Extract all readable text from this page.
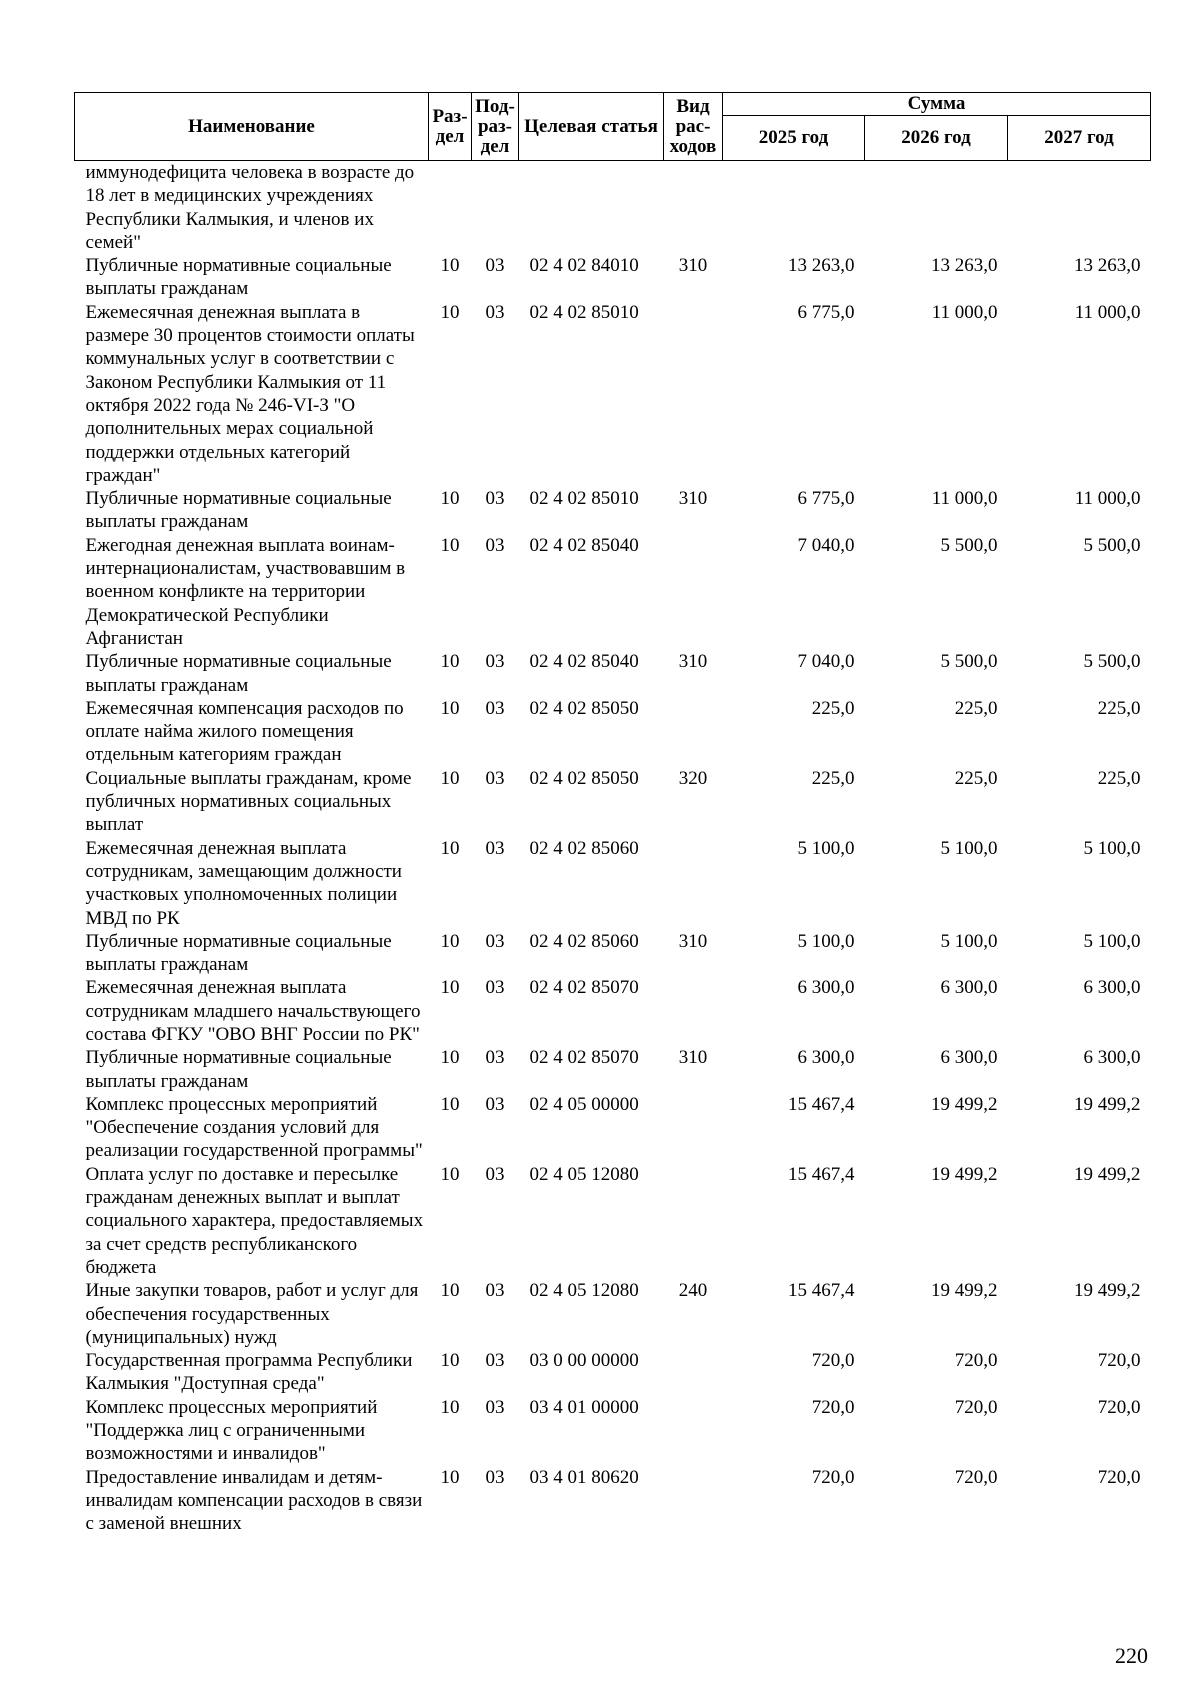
Наименование	Раз-дел	Под-раз-дел	Целевая статья	Вид рас-ходов	Сумма		
					2025 год	2026 год	2027 год
иммунодефицита человека в возрасте до 18 лет в медицинских учреждениях Республики Калмыкия, и членов их семей"							
Публичные нормативные социальные выплаты гражданам	10	03	02 4 02 84010	310	13 263,0	13 263,0	13 263,0
Ежемесячная денежная выплата в размере 30 процентов стоимости оплаты коммунальных услуг в соответствии с Законом Республики Калмыкия от 11 октября 2022 года № 246-VI-З "О дополнительных мерах социальной поддержки отдельных категорий граждан"	10	03	02 4 02 85010		6 775,0	11 000,0	11 000,0
Публичные нормативные социальные выплаты гражданам	10	03	02 4 02 85010	310	6 775,0	11 000,0	11 000,0
Ежегодная денежная выплата воинам-интернационалистам, участвовавшим в военном конфликте на территории Демократической Республики Афганистан	10	03	02 4 02 85040		7 040,0	5 500,0	5 500,0
Публичные нормативные социальные выплаты гражданам	10	03	02 4 02 85040	310	7 040,0	5 500,0	5 500,0
Ежемесячная компенсация расходов по оплате найма жилого помещения отдельным категориям граждан	10	03	02 4 02 85050		225,0	225,0	225,0
Социальные выплаты гражданам, кроме публичных нормативных социальных выплат	10	03	02 4 02 85050	320	225,0	225,0	225,0
Ежемесячная денежная выплата сотрудникам, замещающим должности участковых уполномоченных полиции МВД по РК	10	03	02 4 02 85060		5 100,0	5 100,0	5 100,0
Публичные нормативные социальные выплаты гражданам	10	03	02 4 02 85060	310	5 100,0	5 100,0	5 100,0
Ежемесячная денежная выплата сотрудникам младшего начальствующего состава ФГКУ "ОВО ВНГ России по РК"	10	03	02 4 02 85070		6 300,0	6 300,0	6 300,0
Публичные нормативные социальные выплаты гражданам	10	03	02 4 02 85070	310	6 300,0	6 300,0	6 300,0
Комплекс процессных мероприятий "Обеспечение создания условий для реализации государственной программы"	10	03	02 4 05 00000		15 467,4	19 499,2	19 499,2
Оплата услуг по доставке и пересылке гражданам денежных выплат и выплат социального характера, предоставляемых за счет средств республиканского бюджета	10	03	02 4 05 12080		15 467,4	19 499,2	19 499,2
Иные закупки товаров, работ и услуг для обеспечения государственных (муниципальных) нужд	10	03	02 4 05 12080	240	15 467,4	19 499,2	19 499,2
Государственная программа Республики Калмыкия "Доступная среда"	10	03	03 0 00 00000		720,0	720,0	720,0
Комплекс процессных мероприятий "Поддержка лиц с ограниченными возможностями и инвалидов"	10	03	03 4 01 00000		720,0	720,0	720,0
Предоставление инвалидам и детям-инвалидам компенсации расходов в связи с заменой внешних	10	03	03 4 01 80620		720,0	720,0	720,0
220
